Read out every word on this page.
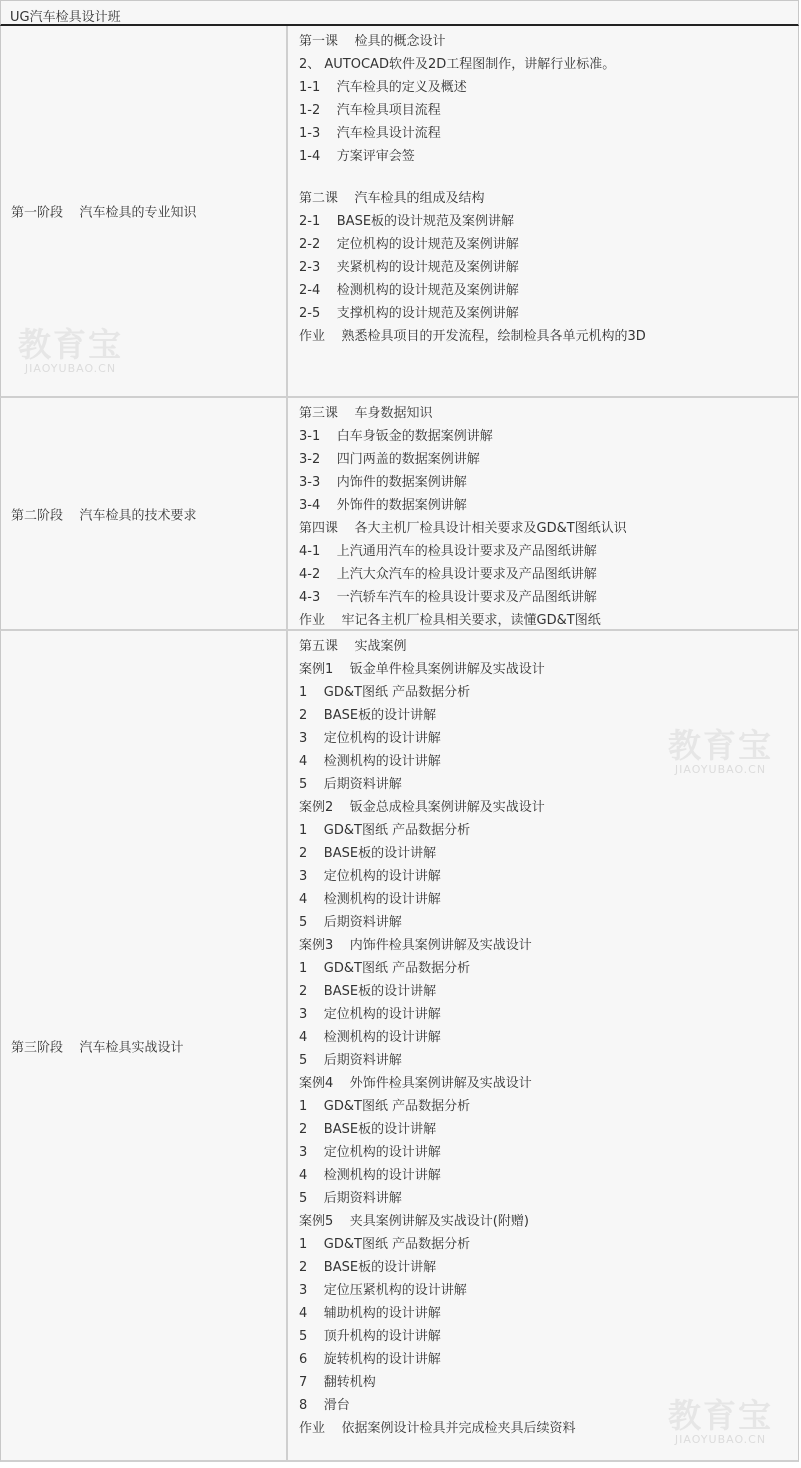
UG汽车检具设计班
第一阶段    汽车检具的专业知识
第一课    检具的概念设计
2、 AUTOCAD软件及2D工程图制作，讲解行业标准。
1-1    汽车检具的定义及概述
1-2    汽车检具项目流程
1-3    汽车检具设计流程
1-4    方案评审会签
第二课    汽车检具的组成及结构
2-1    BASE板的设计规范及案例讲解
2-2    定位机构的设计规范及案例讲解
2-3    夹紧机构的设计规范及案例讲解
2-4    检测机构的设计规范及案例讲解
2-5    支撑机构的设计规范及案例讲解
作业    熟悉检具项目的开发流程，绘制检具各单元机构的3D
第二阶段    汽车检具的技术要求
第三课    车身数据知识
3-1    白车身钣金的数据案例讲解
3-2    四门两盖的数据案例讲解
3-3    内饰件的数据案例讲解
3-4    外饰件的数据案例讲解
第四课    各大主机厂检具设计相关要求及GD&T图纸认识
4-1    上汽通用汽车的检具设计要求及产品图纸讲解
4-2    上汽大众汽车的检具设计要求及产品图纸讲解
4-3    一汽轿车汽车的检具设计要求及产品图纸讲解
作业    牢记各主机厂检具相关要求，读懂GD&T图纸
第三阶段    汽车检具实战设计
第五课    实战案例
案例1    钣金单件检具案例讲解及实战设计
1    GD&T图纸 产品数据分析
2    BASE板的设计讲解
3    定位机构的设计讲解
4    检测机构的设计讲解
5    后期资料讲解
案例2    钣金总成检具案例讲解及实战设计
1    GD&T图纸 产品数据分析
2    BASE板的设计讲解
3    定位机构的设计讲解
4    检测机构的设计讲解
5    后期资料讲解
案例3    内饰件检具案例讲解及实战设计
1    GD&T图纸 产品数据分析
2    BASE板的设计讲解
3    定位机构的设计讲解
4    检测机构的设计讲解
5    后期资料讲解
案例4    外饰件检具案例讲解及实战设计
1    GD&T图纸 产品数据分析
2    BASE板的设计讲解
3    定位机构的设计讲解
4    检测机构的设计讲解
5    后期资料讲解
案例5    夹具案例讲解及实战设计(附赠)
1    GD&T图纸 产品数据分析
2    BASE板的设计讲解
3    定位压紧机构的设计讲解
4    辅助机构的设计讲解
5    顶升机构的设计讲解
6    旋转机构的设计讲解
7    翻转机构
8    滑台
作业    依据案例设计检具并完成检夹具后续资料
教育宝
JIAOYUBAO.CN
教育宝
JIAOYUBAO.CN
教育宝
JIAOYUBAO.CN
